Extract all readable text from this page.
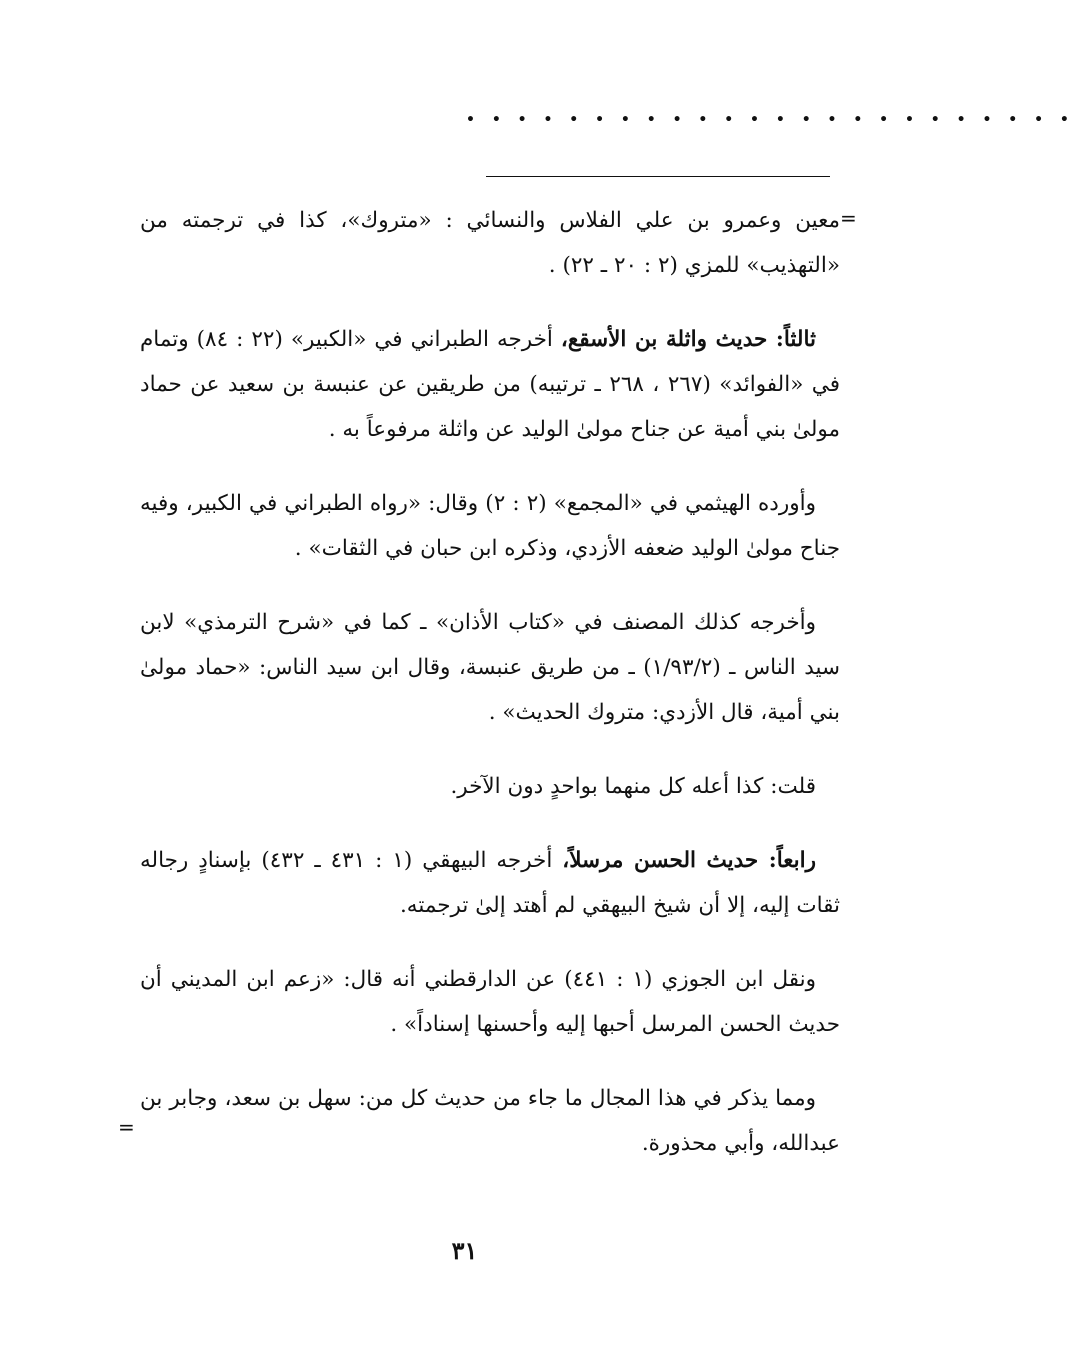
• • • • • • • • • • • • • • • • • • • • • • • •
=

معين وعمرو بن علي الفلاس والنسائي : «متروك»، كذا في ترجمته من «التهذيب» للمزي (٢ : ٢٠ ـ ٢٢) .

ثالثاً: حديث واثلة بن الأسقع، أخرجه الطبراني في «الكبير» (٢٢ : ٨٤) وتمام في «الفوائد» (٢٦٧ ، ٢٦٨ ـ ترتيبه) من طريقين عن عنبسة بن سعيد عن حماد مولىٰ بني أمية عن جناح مولىٰ الوليد عن واثلة مرفوعاً به .

وأورده الهيثمي في «المجمع» (٢ : ٢) وقال: «رواه الطبراني في الكبير، وفيه جناح مولىٰ الوليد ضعفه الأزدي، وذكره ابن حبان في الثقات» .

وأخرجه كذلك المصنف في «كتاب الأذان» ـ كما في «شرح الترمذي» لابن سيد الناس ـ (١/٩٣/٢) ـ من طريق عنبسة، وقال ابن سيد الناس: «حماد مولىٰ بني أمية، قال الأزدي: متروك الحديث» .

قلت: كذا أعله كل منهما بواحدٍ دون الآخر.

رابعاً: حديث الحسن مرسلاً، أخرجه البيهقي (١ : ٤٣١ ـ ٤٣٢) بإسنادٍ رجاله ثقات إليه، إلا أن شيخ البيهقي لم أهتد إلىٰ ترجمته.

ونقل ابن الجوزي (١ : ٤٤١) عن الدارقطني أنه قال: «زعم ابن المديني أن حديث الحسن المرسل أحبها إليه وأحسنها إسناداً» .

ومما يذكر في هذا المجال ما جاء من حديث كل من: سهل بن سعد، وجابر بن عبدالله، وأبي محذورة.

=
٣١
